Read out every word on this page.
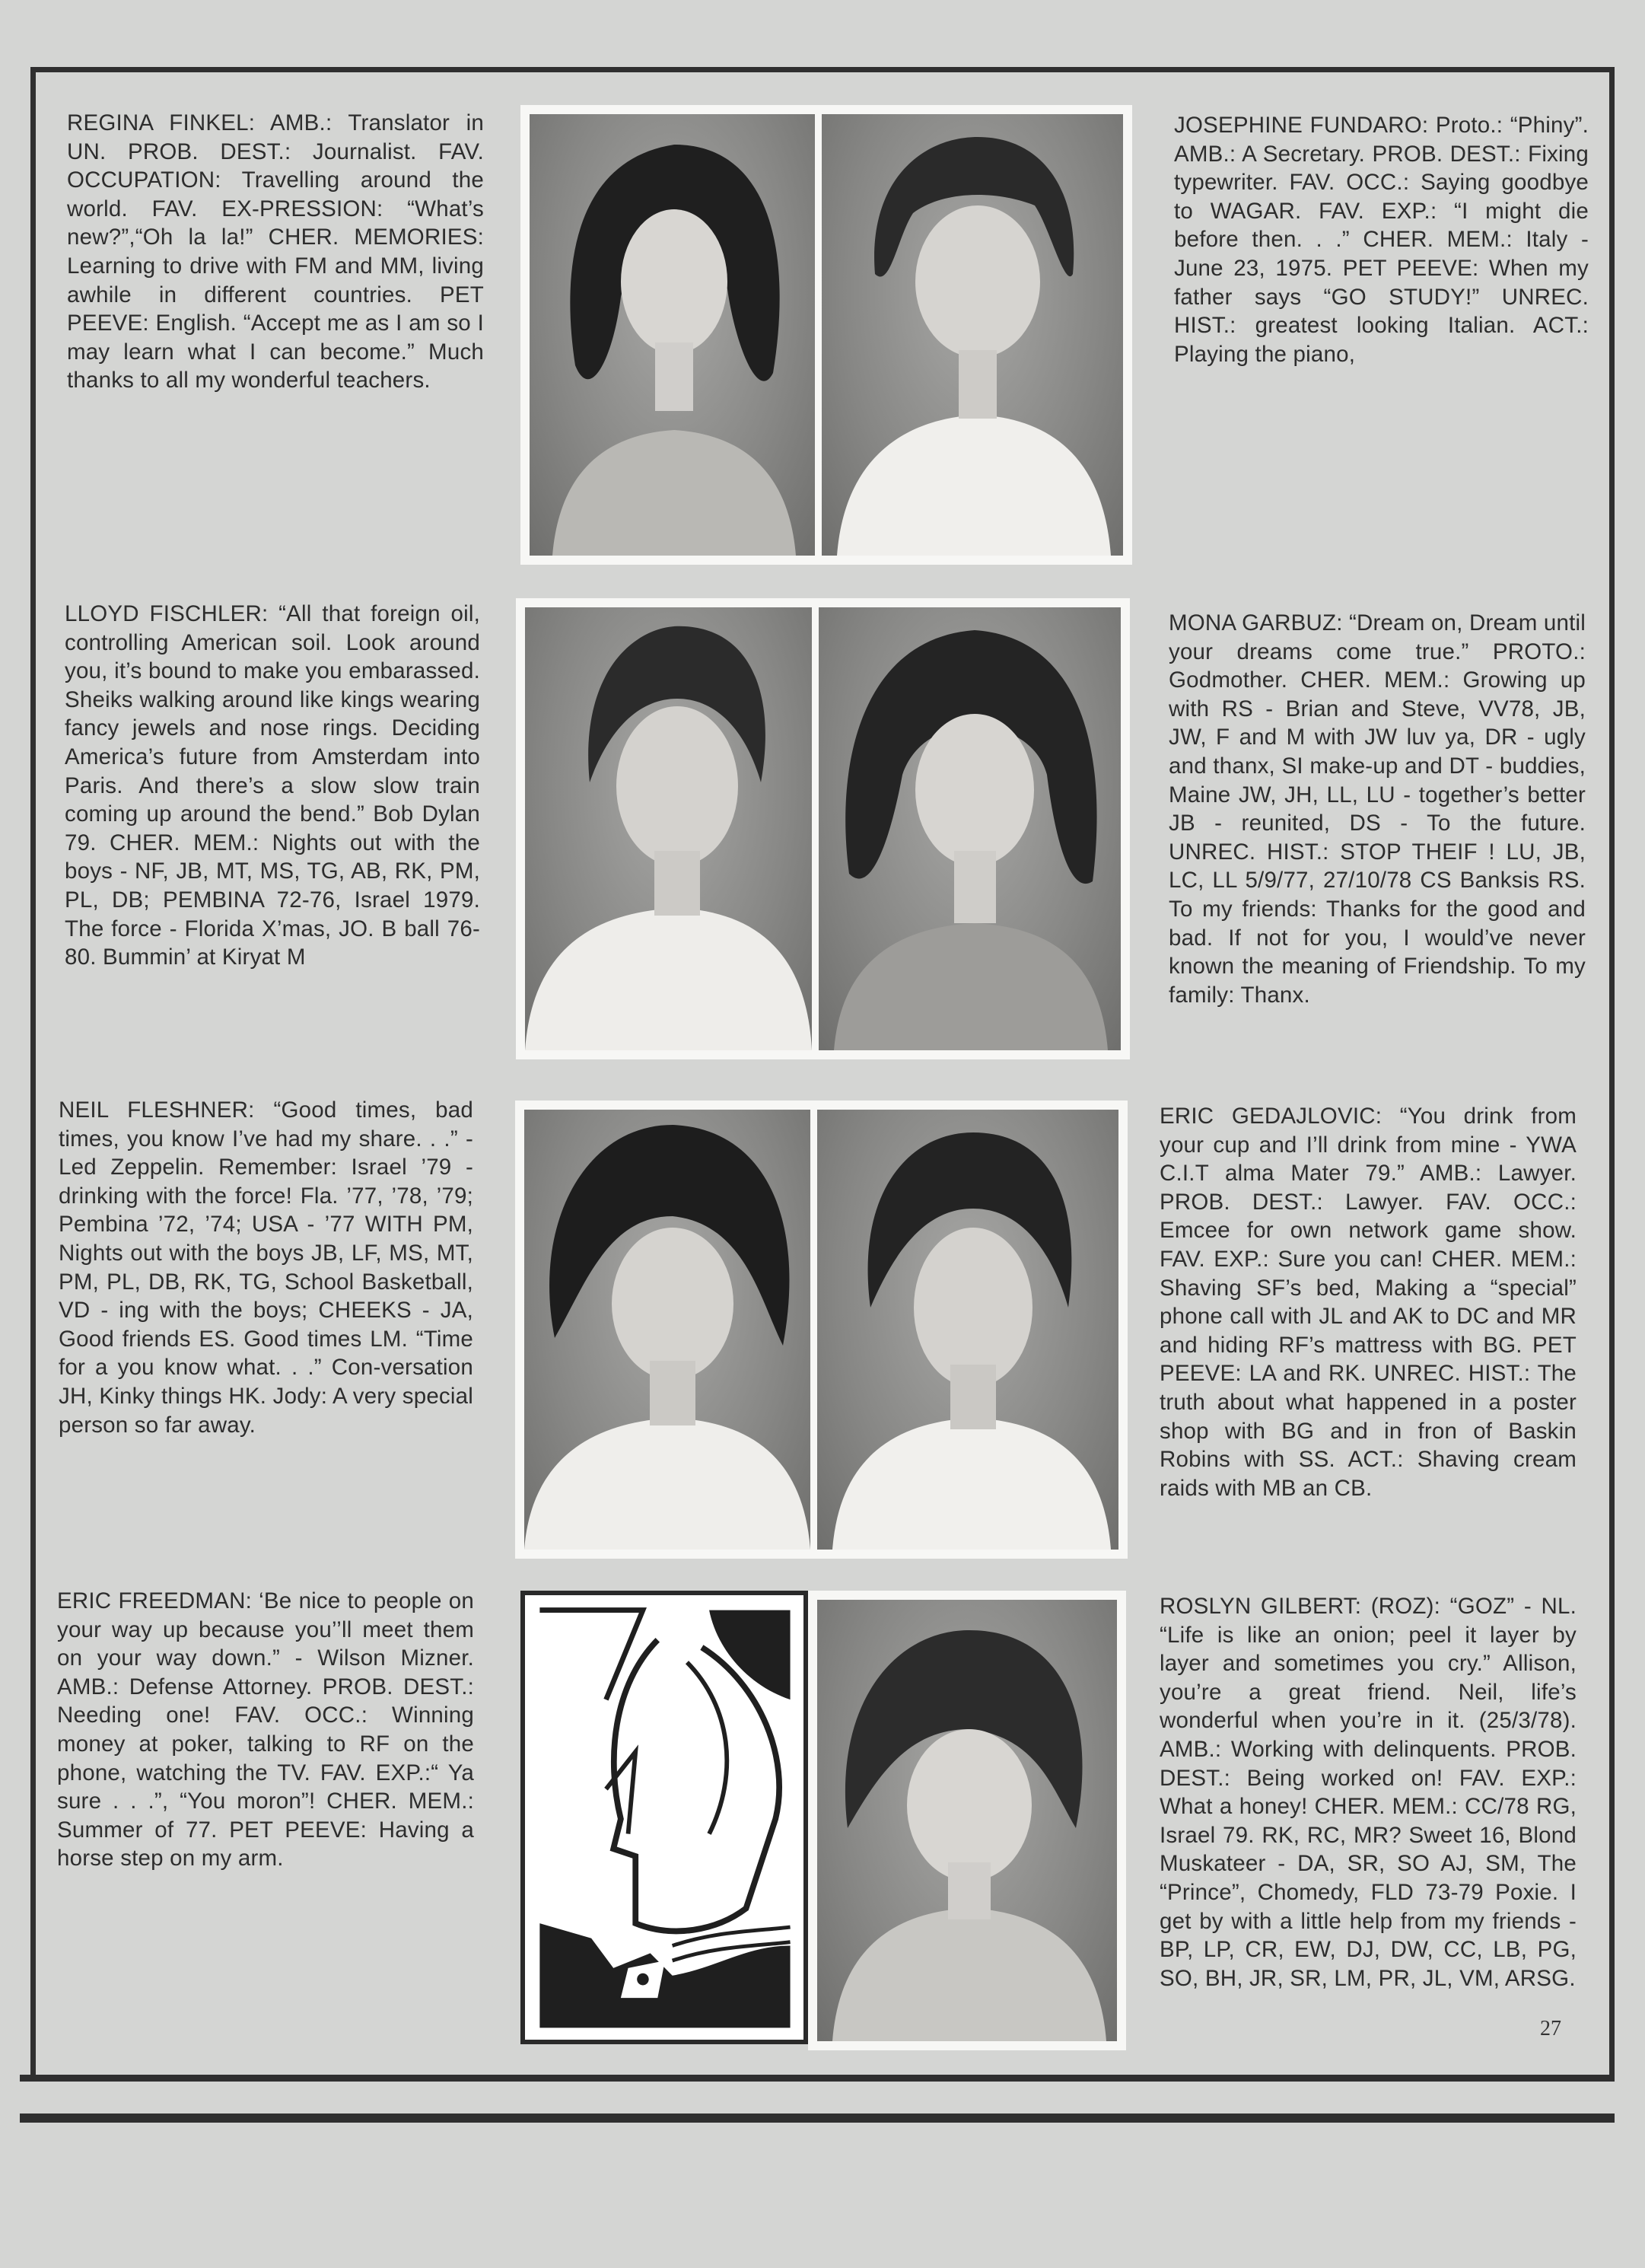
REGINA FINKEL: AMB.: Translator in UN. PROB. DEST.: Journalist. FAV. OCCUPATION: Travelling around the world. FAV. EX-PRESSION: “What’s new?”,“Oh la la!” CHER. MEMORIES: Learning to drive with FM and MM, living awhile in different countries. PET PEEVE: English. “Accept me as I am so I may learn what I can become.” Much thanks to all my wonderful teachers.

JOSEPHINE FUNDARO: Proto.: “Phiny”. AMB.: A Secretary. PROB. DEST.: Fixing typewriter. FAV. OCC.: Saying goodbye to WAGAR. FAV. EXP.: “I might die before then. . .” CHER. MEM.: Italy - June 23, 1975. PET PEEVE: When my father says “GO STUDY!” UNREC. HIST.: greatest looking Italian. ACT.: Playing the piano,

LLOYD FISCHLER: “All that foreign oil, controlling American soil. Look around you, it’s bound to make you embarassed. Sheiks walking around like kings wearing fancy jewels and nose rings. Deciding America’s future from Amsterdam into Paris. And there’s a slow slow train coming up around the bend.” Bob Dylan 79. CHER. MEM.: Nights out with the boys - NF, JB, MT, MS, TG, AB, RK, PM, PL, DB; PEMBINA 72-76, Israel 1979. The force - Florida X’mas, JO. B ball 76-80. Bummin’ at Kiryat M

MONA GARBUZ: “Dream on, Dream until your dreams come true.” PROTO.: Godmother. CHER. MEM.: Growing up with RS - Brian and Steve, VV78, JB, JW, F and M with JW luv ya, DR - ugly and thanx, SI make-up and DT - buddies, Maine JW, JH, LL, LU - together’s better JB - reunited, DS - To the future. UNREC. HIST.: STOP THEIF ! LU, JB, LC, LL 5/9/77, 27/10/78 CS Banksis RS. To my friends: Thanks for the good and bad. If not for you, I would’ve never known the meaning of Friendship. To my family: Thanx.

NEIL FLESHNER: “Good times, bad times, you know I’ve had my share. . .” - Led Zeppelin. Remember: Israel ’79 - drinking with the force! Fla. ’77, ’78, ’79; Pembina ’72, ’74; USA - ’77 WITH PM, Nights out with the boys JB, LF, MS, MT, PM, PL, DB, RK, TG, School Basketball, VD - ing with the boys; CHEEKS - JA, Good friends ES. Good times LM. “Time for a you know what. . .” Con-versation JH, Kinky things HK. Jody: A very special person so far away.

ERIC GEDAJLOVIC: “You drink from your cup and I’ll drink from mine - YWA C.I.T alma Mater 79.” AMB.: Lawyer. PROB. DEST.: Lawyer. FAV. OCC.: Emcee for own network game show. FAV. EXP.: Sure you can! CHER. MEM.: Shaving SF’s bed, Making a “special” phone call with JL and AK to DC and MR and hiding RF’s mattress with BG. PET PEEVE: LA and RK. UNREC. HIST.: The truth about what happened in a poster shop with BG and in fron of Baskin Robins with SS. ACT.: Shaving cream raids with MB an CB.

ERIC FREEDMAN: ‘Be nice to people on your way up because you’’ll meet them on your way down.” - Wilson Mizner. AMB.: Defense Attorney. PROB. DEST.: Needing one! FAV. OCC.: Winning money at poker, talking to RF on the phone, watching the TV. FAV. EXP.:“ Ya sure . . .”, “You moron”! CHER. MEM.: Summer of 77. PET PEEVE: Having a horse step on my arm.

ROSLYN GILBERT: (ROZ): “GOZ” - NL. “Life is like an onion; peel it layer by layer and sometimes you cry.” Allison, you’re a great friend. Neil, life’s wonderful when you’re in it. (25/3/78). AMB.: Working with delinquents. PROB. DEST.: Being worked on! FAV. EXP.: What a honey! CHER. MEM.: CC/78 RG, Israel 79. RK, RC, MR? Sweet 16, Blond Muskateer - DA, SR, SO AJ, SM, The “Prince”, Chomedy, FLD 73-79 Poxie. I get by with a little help from my friends - BP, LP, CR, EW, DJ, DW, CC, LB, PG, SO, BH, JR, SR, LM, PR, JL, VM, ARSG.

27
